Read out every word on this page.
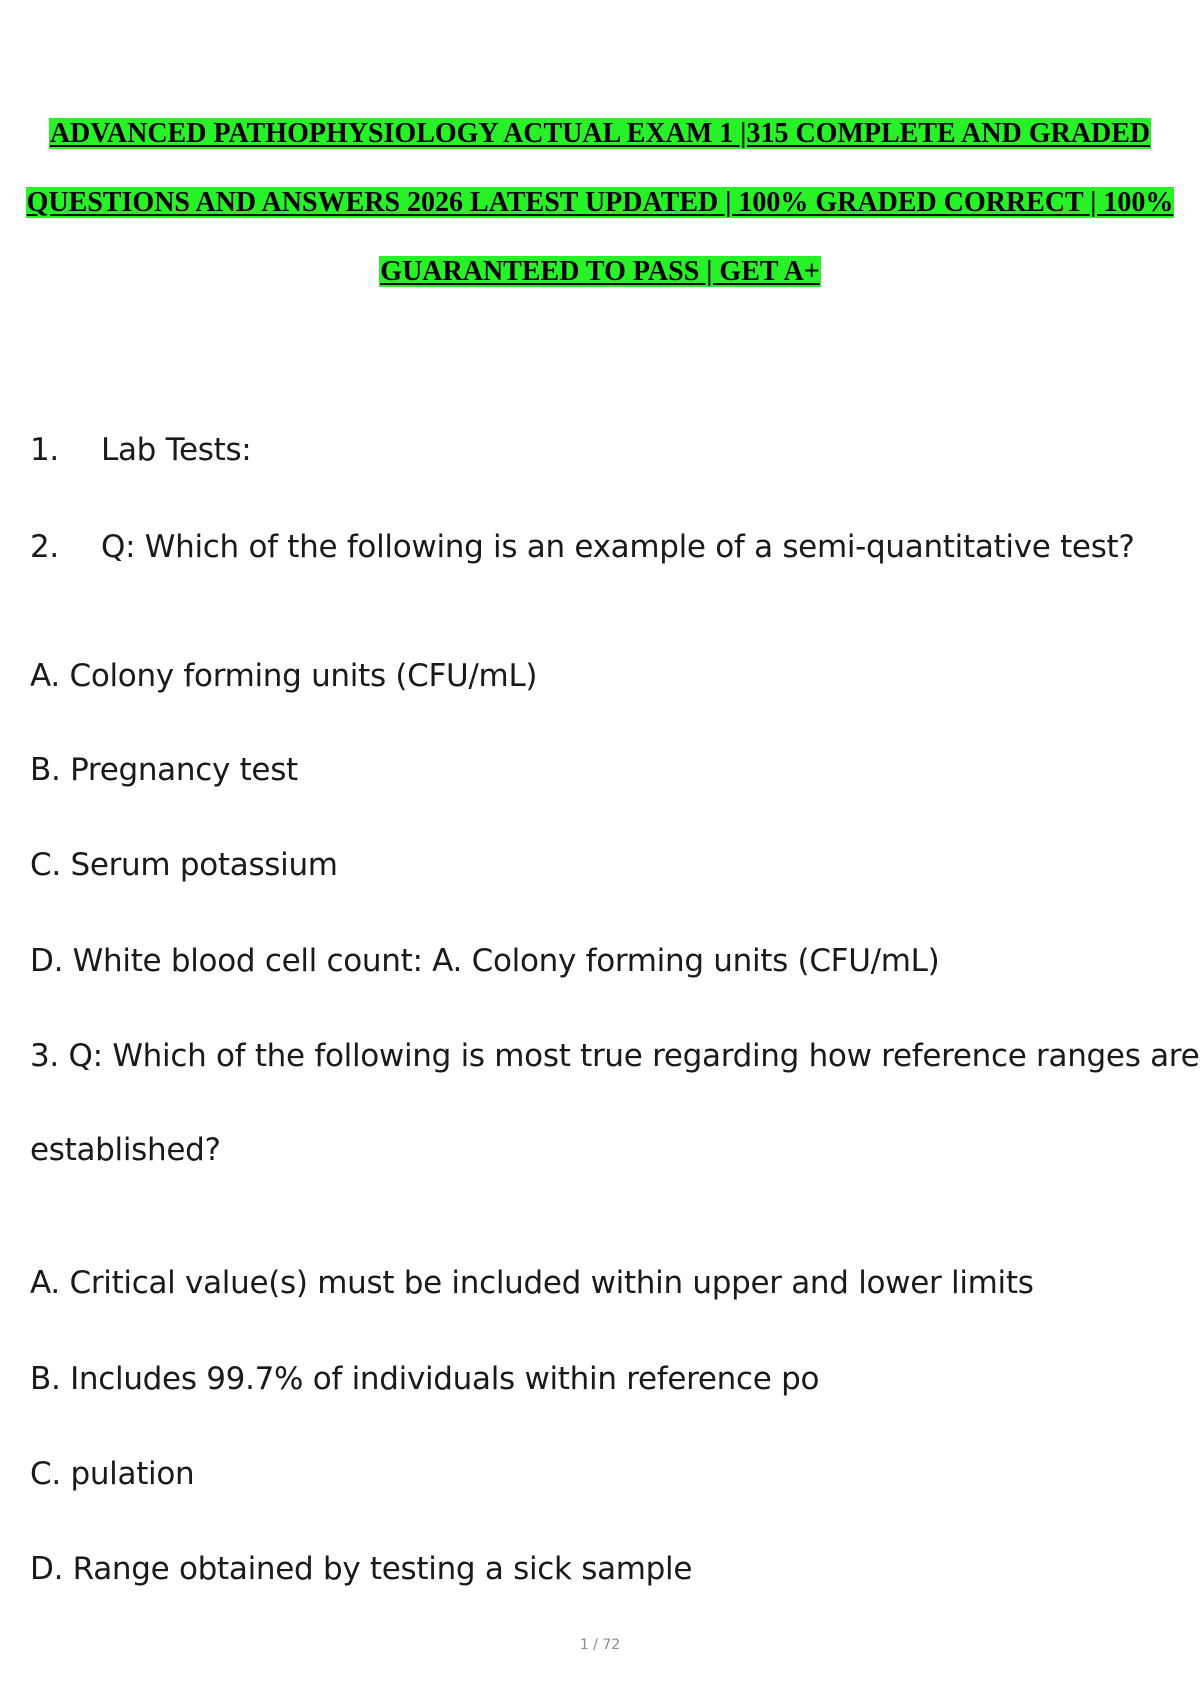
ADVANCED PATHOPHYSIOLOGY ACTUAL EXAM 1 |315 COMPLETE AND GRADED
QUESTIONS AND ANSWERS 2026 LATEST UPDATED | 100% GRADED CORRECT | 100%
GUARANTEED TO PASS | GET A+
1. Lab Tests:
2. Q: Which of the following is an example of a semi-quantitative test?
A. Colony forming units (CFU/mL)
B. Pregnancy test
C. Serum potassium
D. White blood cell count: A. Colony forming units (CFU/mL)
3. Q: Which of the following is most true regarding how reference ranges are
established?
A. Critical value(s) must be included within upper and lower limits
B. Includes 99.7% of individuals within reference po
C. pulation
D. Range obtained by testing a sick sample
1 / 72
